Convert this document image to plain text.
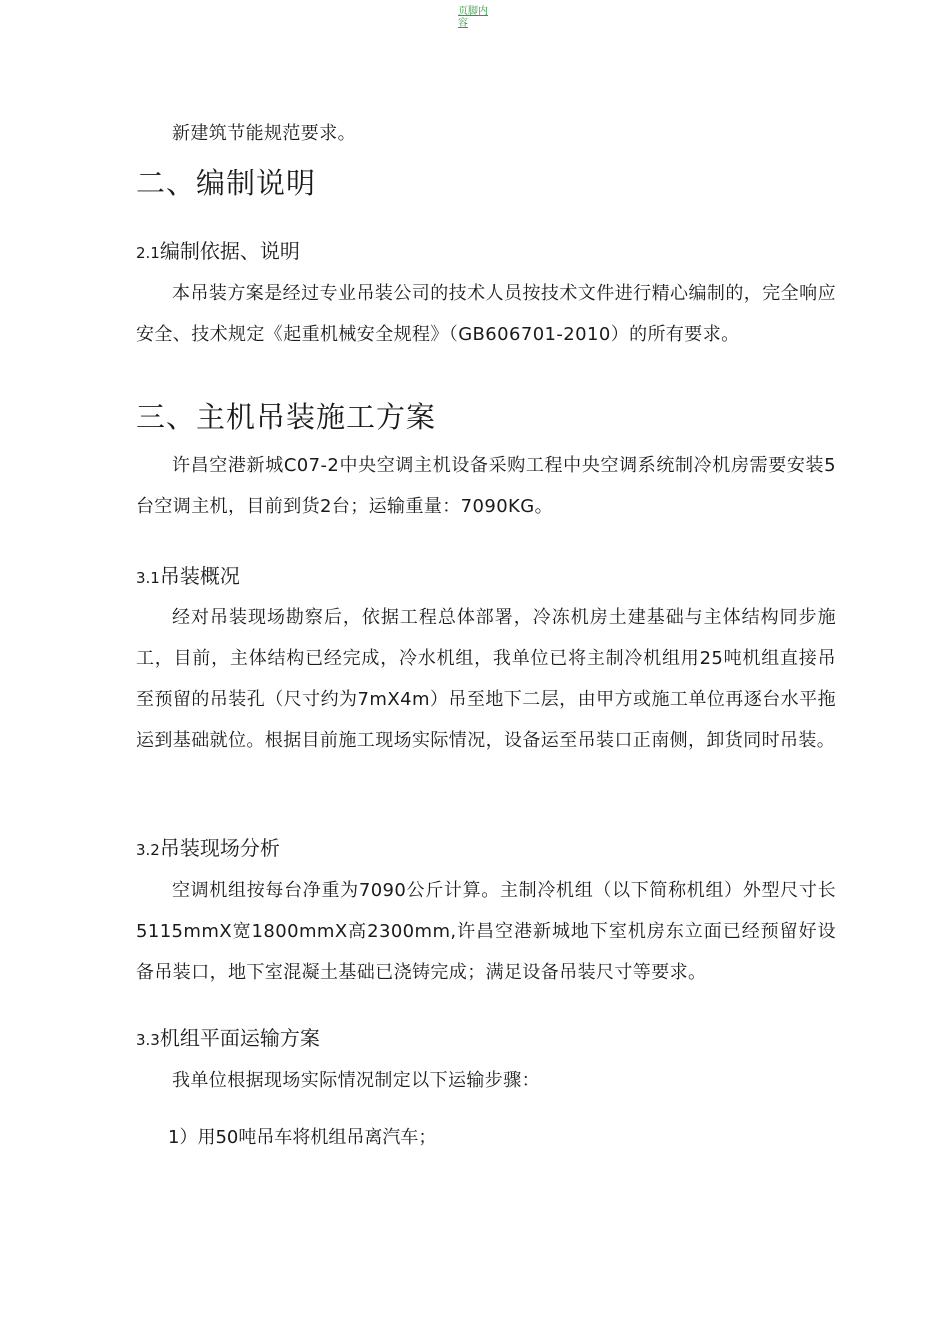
页脚内容

新建筑节能规范要求。

二、编制说明
2.1编制依据、说明

本吊装方案是经过专业吊装公司的技术人员按技术文件进行精心编制的，完全响应安全、技术规定《起重机械安全规程》（GB606701-2010）的所有要求。

三、主机吊装施工方案

许昌空港新城C07-2中央空调主机设备采购工程中央空调系统制冷机房需要安装5台空调主机，目前到货2台；运输重量：7090KG。

3.1吊装概况

经对吊装现场勘察后，依据工程总体部署，冷冻机房土建基础与主体结构同步施工，目前，主体结构已经完成，冷水机组，我单位已将主制冷机组用25吨机组直接吊至预留的吊装孔（尺寸约为7mⅩ4m）吊至地下二层，由甲方或施工单位再逐台水平拖运到基础就位。根据目前施工现场实际情况，设备运至吊装口正南侧，卸货同时吊装。

3.2吊装现场分析

空调机组按每台净重为7090公斤计算。主制冷机组（以下简称机组）外型尺寸长5115mmX宽1800mmX高2300mm,许昌空港新城地下室机房东立面已经预留好设备吊装口，地下室混凝土基础已浇铸完成；满足设备吊装尺寸等要求。

3.3机组平面运输方案

我单位根据现场实际情况制定以下运输步骤：

1）用50吨吊车将机组吊离汽车；
